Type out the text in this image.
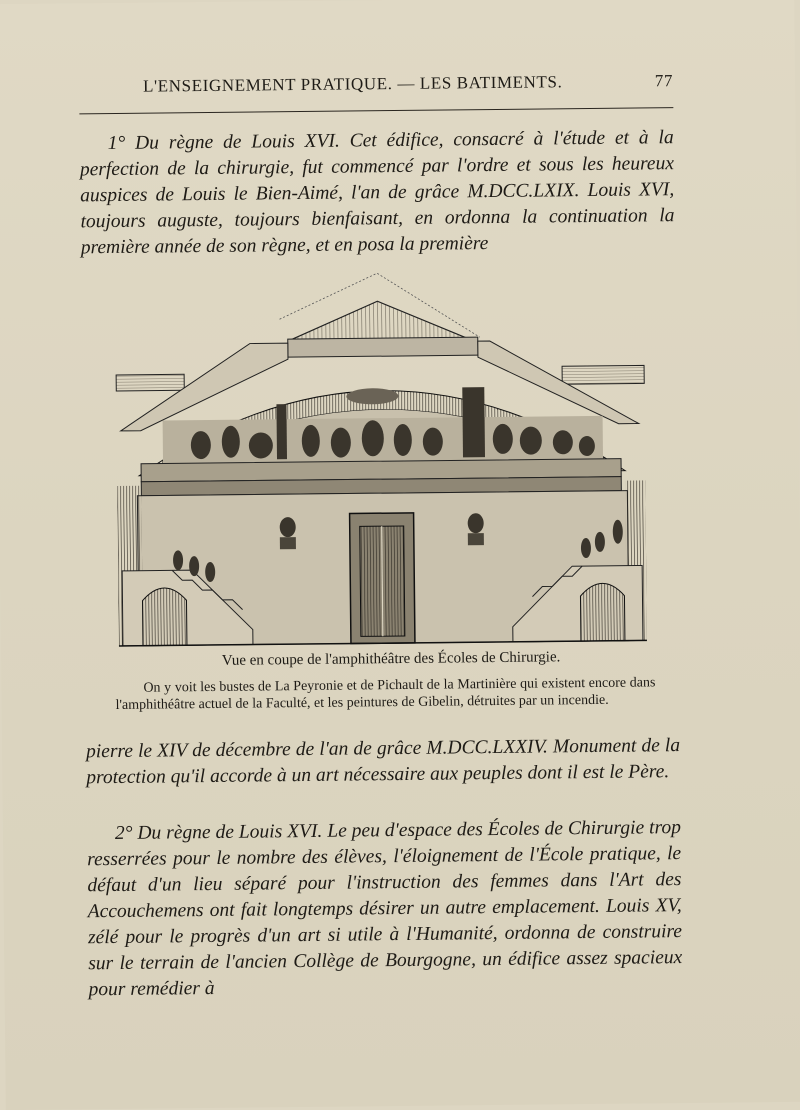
L'ENSEIGNEMENT PRATIQUE. — LES BATIMENTS.	77

1° Du règne de Louis XVI. Cet édifice, consacré à l'étude et à la perfection de la chirurgie, fut commencé par l'ordre et sous les heureux auspices de Louis le Bien-Aimé, l'an de grâce M.DCC.LXIX. Louis XVI, toujours auguste, toujours bienfaisant, en ordonna la continuation la première année de son règne, et en posa la première

Vue en coupe de l'amphithéâtre des Écoles de Chirurgie.

On y voit les bustes de La Peyronie et de Pichault de la Martinière qui existent encore dans l'amphithéâtre actuel de la Faculté, et les peintures de Gibelin, détruites par un incendie.

pierre le XIV de décembre de l'an de grâce M.DCC.LXXIV. Monument de la protection qu'il accorde à un art nécessaire aux peuples dont il est le Père.

2° Du règne de Louis XVI. Le peu d'espace des Écoles de Chirurgie trop resserrées pour le nombre des élèves, l'éloignement de l'École pratique, le défaut d'un lieu séparé pour l'instruction des femmes dans l'Art des Accouchemens ont fait longtemps désirer un autre emplacement. Louis XV, zélé pour le progrès d'un art si utile à l'Humanité, ordonna de construire sur le terrain de l'ancien Collège de Bourgogne, un édifice assez spacieux pour remédier à
